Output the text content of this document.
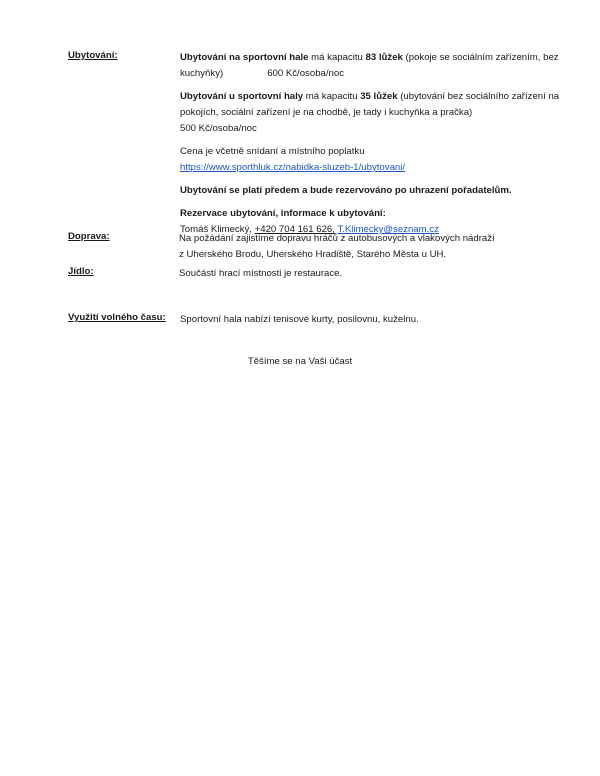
Ubytování:	Ubytování na sportovní hale má kapacitu 83 lůžek (pokoje se sociálním zařízením, bez kuchyňky)	600 Kč/osoba/noc

Ubytování u sportovní haly má kapacitu 35 lůžek (ubytování bez sociálního zařízení na pokojích, sociální zařízení je na chodbě, je tady i kuchyňka a pračka)
500 Kč/osoba/noc

Cena je včetně snídaní a místního poplatku

https://www.sporthluk.cz/nabidka-sluzeb-1/ubytovani/

Ubytování se platí předem a bude rezervováno po uhrazení pořadatelům.

Rezervace ubytování, informace k ubytování:

Tomáš Klimecký, +420 704 161 626, T.Klimecky@seznam.cz

Doprava:	Na požádání zajistíme dopravu hráčů z autobusových a vlakových nádraží

z Uherského Brodu, Uherského Hradiště, Starého Města u UH.

Jídlo:	Součástí hrací místnosti je restaurace.

Využití volného času: Sportovní hala nabízí tenisové kurty, posilovnu, kuželnu.

Těšíme se na Vaši účast
